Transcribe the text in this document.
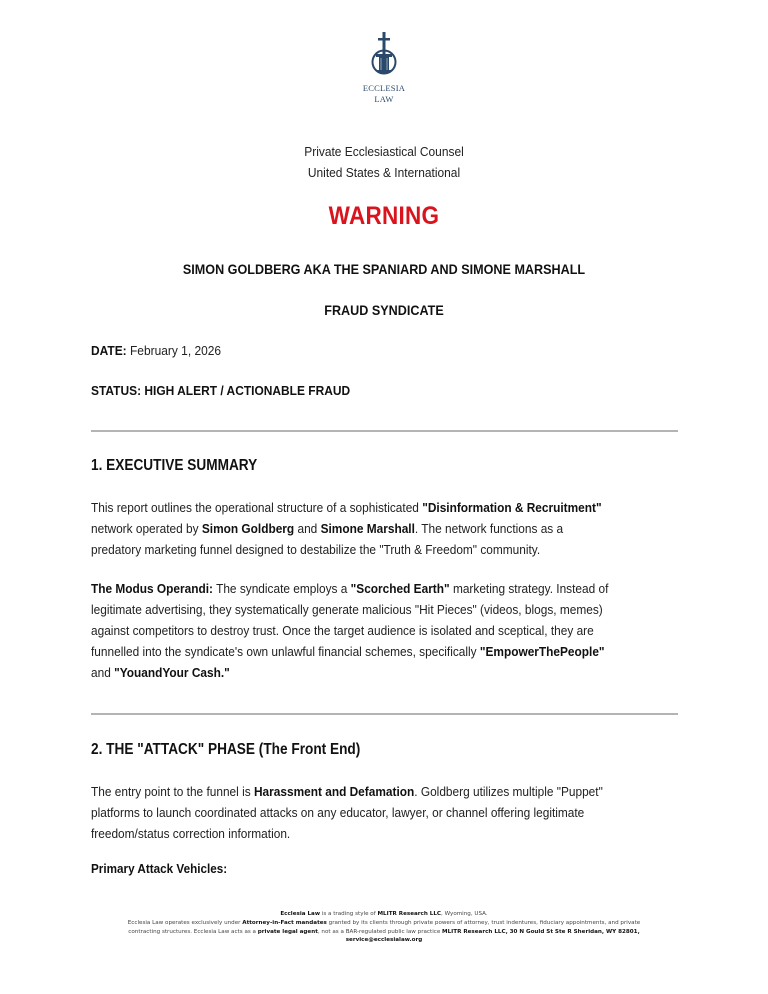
ECCLESIA
LAW
Private Ecclesiastical Counsel
United States & International
WARNING
SIMON GOLDBERG AKA THE SPANIARD AND SIMONE MARSHALL
FRAUD SYNDICATE
DATE: February 1, 2026
STATUS: HIGH ALERT / ACTIONABLE FRAUD
1. EXECUTIVE SUMMARY
This report outlines the operational structure of a sophisticated "Disinformation & Recruitment"
network operated by Simon Goldberg and Simone Marshall. The network functions as a
predatory marketing funnel designed to destabilize the "Truth & Freedom" community.
The Modus Operandi: The syndicate employs a "Scorched Earth" marketing strategy. Instead of
legitimate advertising, they systematically generate malicious "Hit Pieces" (videos, blogs, memes)
against competitors to destroy trust. Once the target audience is isolated and sceptical, they are
funnelled into the syndicate's own unlawful financial schemes, specifically "EmpowerThePeople"
and "YouandYour Cash."
2. THE "ATTACK" PHASE (The Front End)
The entry point to the funnel is Harassment and Defamation. Goldberg utilizes multiple "Puppet"
platforms to launch coordinated attacks on any educator, lawyer, or channel offering legitimate
freedom/status correction information.
Primary Attack Vehicles:
Ecclesia Law is a trading style of MLITR Research LLC, Wyoming, USA.
Ecclesia Law operates exclusively under Attorney-in-Fact mandates granted by its clients through private powers of attorney, trust indentures, fiduciary appointments, and private
contracting structures. Ecclesia Law acts as a private legal agent, not as a BAR-regulated public law practice MLITR Research LLC, 30 N Gould St Ste R Sheridan, WY 82801,
service@ecclesialaw.org
